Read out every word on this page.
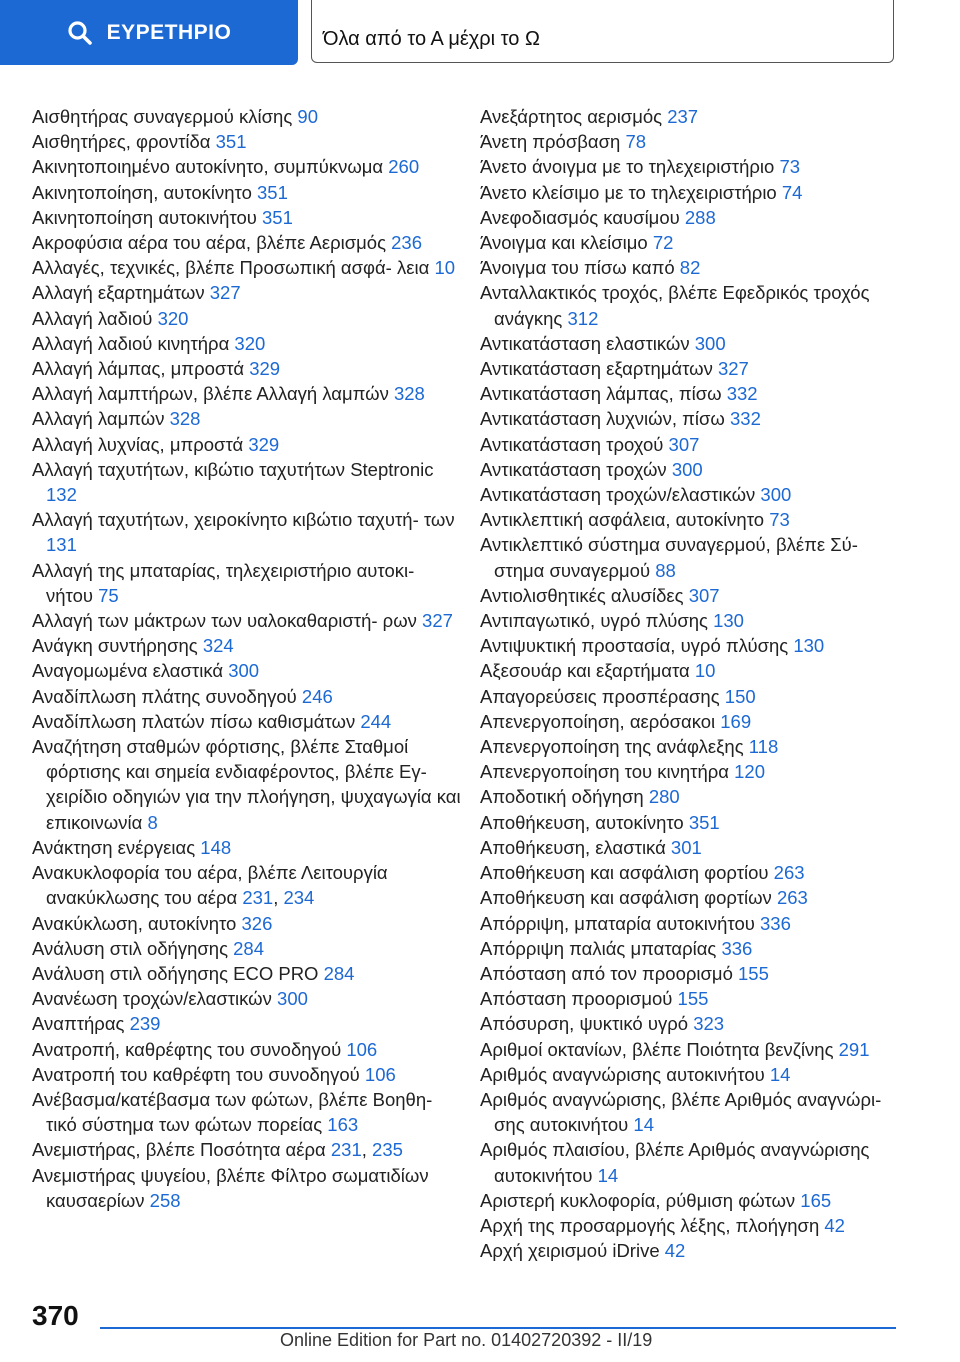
ΕΥΡΕΤΗΡΙΟ	Όλα από το Α μέχρι το Ω
Αισθητήρας συναγερμού κλίσης 90
Αισθητήρες, φροντίδα 351
Ακινητοποιημένο αυτοκίνητο, συμπύκνωμα 260
Ακινητοποίηση, αυτοκίνητο 351
Ακινητοποίηση αυτοκινήτου 351
Ακροφύσια αέρα του αέρα, βλέπε Αερισμός 236
Αλλαγές, τεχνικές, βλέπε Προσωπική ασφά‐ λεια 10
Αλλαγή εξαρτημάτων 327
Αλλαγή λαδιού 320
Αλλαγή λαδιού κινητήρα 320
Αλλαγή λάμπας, μπροστά 329
Αλλαγή λαμπτήρων, βλέπε Αλλαγή λαμπών 328
Αλλαγή λαμπών 328
Αλλαγή λυχνίας, μπροστά 329
Αλλαγή ταχυτήτων, κιβώτιο ταχυτήτων Steptronic 132
Αλλαγή ταχυτήτων, χειροκίνητο κιβώτιο ταχυτή‐ των 131
Αλλαγή της μπαταρίας, τηλεχειριστήριο αυτοκι‐ νήτου 75
Αλλαγή των μάκτρων των υαλοκαθαριστή‐ ρων 327
Ανάγκη συντήρησης 324
Αναγομωμένα ελαστικά 300
Αναδίπλωση πλάτης συνοδηγού 246
Αναδίπλωση πλατών πίσω καθισμάτων 244
Αναζήτηση σταθμών φόρτισης, βλέπε Σταθμοί φόρτισης και σημεία ενδιαφέροντος, βλέπε Εγ‐ χειρίδιο οδηγιών για την πλοήγηση, ψυχαγωγία και επικοινωνία 8
Ανάκτηση ενέργειας 148
Ανακυκλοφορία του αέρα, βλέπε Λειτουργία ανακύκλωσης του αέρα 231, 234
Ανακύκλωση, αυτοκίνητο 326
Ανάλυση στιλ οδήγησης 284
Ανάλυση στιλ οδήγησης ECO PRO 284
Ανανέωση τροχών/ελαστικών 300
Αναπτήρας 239
Ανατροπή, καθρέφτης του συνοδηγού 106
Ανατροπή του καθρέφτη του συνοδηγού 106
Ανέβασμα/κατέβασμα των φώτων, βλέπε Βοηθη‐ τικό σύστημα των φώτων πορείας 163
Ανεμιστήρας, βλέπε Ποσότητα αέρα 231, 235
Ανεμιστήρας ψυγείου, βλέπε Φίλτρο σωματιδίων καυσαερίων 258
Ανεξάρτητος αερισμός 237
Άνετη πρόσβαση 78
Άνετο άνοιγμα με το τηλεχειριστήριο 73
Άνετο κλείσιμο με το τηλεχειριστήριο 74
Ανεφοδιασμός καυσίμου 288
Άνοιγμα και κλείσιμο 72
Άνοιγμα του πίσω καπό 82
Ανταλλακτικός τροχός, βλέπε Εφεδρικός τροχός ανάγκης 312
Αντικατάσταση ελαστικών 300
Αντικατάσταση εξαρτημάτων 327
Αντικατάσταση λάμπας, πίσω 332
Αντικατάσταση λυχνιών, πίσω 332
Αντικατάσταση τροχού 307
Αντικατάσταση τροχών 300
Αντικατάσταση τροχών/ελαστικών 300
Αντικλεπτική ασφάλεια, αυτοκίνητο 73
Αντικλεπτικό σύστημα συναγερμού, βλέπε Σύ‐ στημα συναγερμού 88
Αντιολισθητικές αλυσίδες 307
Αντιπαγωτικό, υγρό πλύσης 130
Αντιψυκτική προστασία, υγρό πλύσης 130
Αξεσουάρ και εξαρτήματα 10
Απαγορεύσεις προσπέρασης 150
Απενεργοποίηση, αερόσακοι 169
Απενεργοποίηση της ανάφλεξης 118
Απενεργοποίηση του κινητήρα 120
Αποδοτική οδήγηση 280
Αποθήκευση, αυτοκίνητο 351
Αποθήκευση, ελαστικά 301
Αποθήκευση και ασφάλιση φορτίου 263
Αποθήκευση και ασφάλιση φορτίων 263
Απόρριψη, μπαταρία αυτοκινήτου 336
Απόρριψη παλιάς μπαταρίας 336
Απόσταση από τον προορισμό 155
Απόσταση προορισμού 155
Απόσυρση, ψυκτικό υγρό 323
Αριθμοί οκτανίων, βλέπε Ποιότητα βενζίνης 291
Αριθμός αναγνώρισης αυτοκινήτου 14
Αριθμός αναγνώρισης, βλέπε Αριθμός αναγνώρι‐ σης αυτοκινήτου 14
Αριθμός πλαισίου, βλέπε Αριθμός αναγνώρισης αυτοκινήτου 14
Αριστερή κυκλοφορία, ρύθμιση φώτων 165
Αρχή της προσαρμογής λέξης, πλοήγηση 42
Αρχή χειρισμού iDrive 42
370
Online Edition for Part no. 01402720392 - II/19
